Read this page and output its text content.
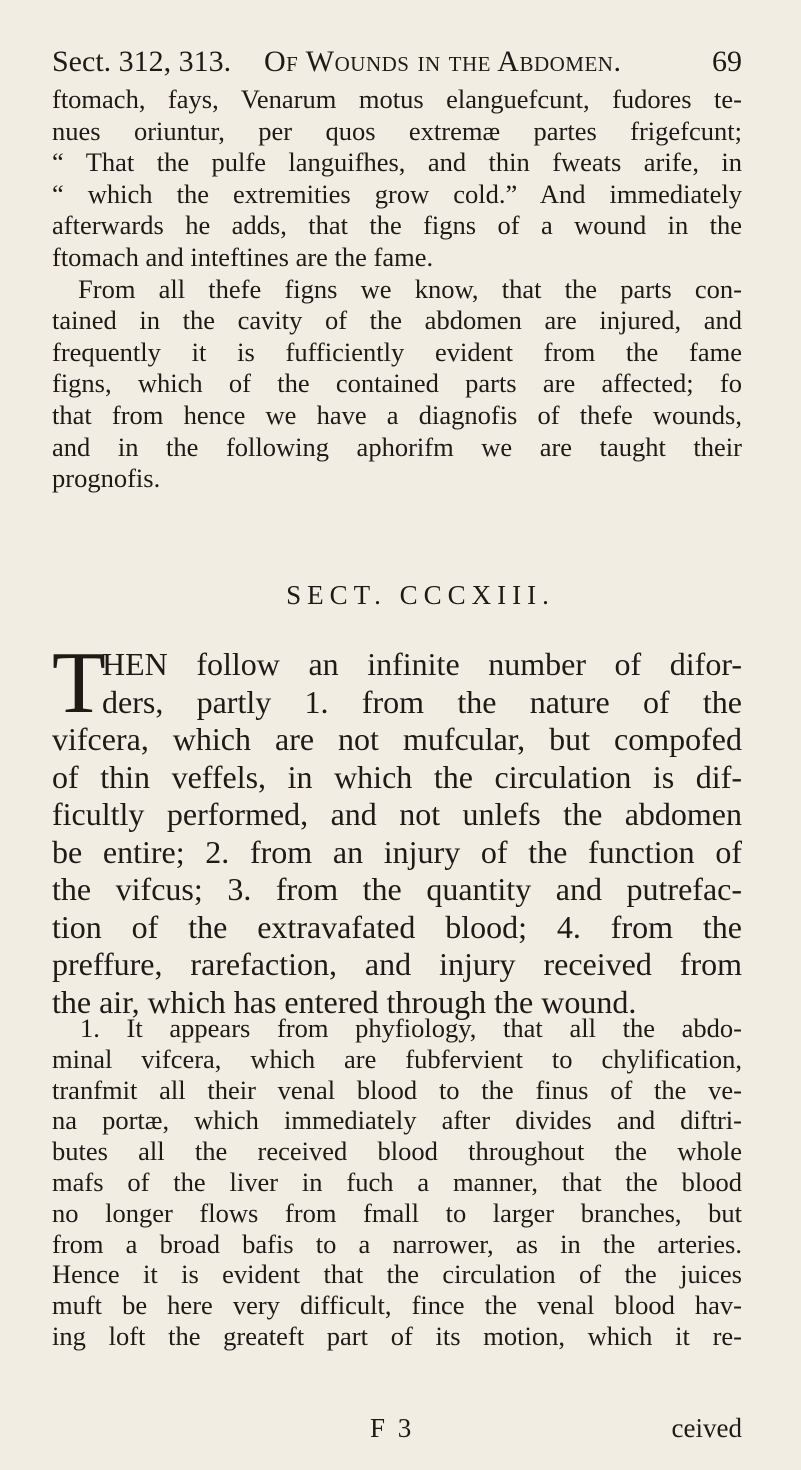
Sect. 312, 313. Of Wounds in the Abdomen.	69
ftomach, fays, Venarum motus elanguefcunt, fudores te-
nues oriuntur, per quos extremæ partes frigefcunt;
“ That the pulfe languifhes, and thin fweats arife, in
“ which the extremities grow cold.” And immediately
afterwards he adds, that the figns of a wound in the
ftomach and inteftines are the fame.
From all thefe figns we know, that the parts con-
tained in the cavity of the abdomen are injured, and
frequently it is fufficiently evident from the fame
figns, which of the contained parts are affected; fo
that from hence we have a diagnofis of thefe wounds,
and in the following aphorifm we are taught their
prognofis.
SECT. CCCXIII.
T
HEN follow an infinite number of difor-
ders, partly 1. from the nature of the
vifcera, which are not mufcular, but compofed
of thin veffels, in which the circulation is dif-
ficultly performed, and not unlefs the abdomen
be entire; 2. from an injury of the function of
the vifcus; 3. from the quantity and putrefac-
tion of the extravafated blood; 4. from the
preffure, rarefaction, and injury received from
the air, which has entered through the wound.
1. It appears from phyfiology, that all the abdo-
minal vifcera, which are fubfervient to chylification,
tranfmit all their venal blood to the finus of the ve-
na portæ, which immediately after divides and diftri-
butes all the received blood throughout the whole
mafs of the liver in fuch a manner, that the blood
no longer flows from fmall to larger branches, but
from a broad bafis to a narrower, as in the arteries.
Hence it is evident that the circulation of the juices
muft be here very difficult, fince the venal blood hav-
ing loft the greateft part of its motion, which it re-
F 3	ceived
